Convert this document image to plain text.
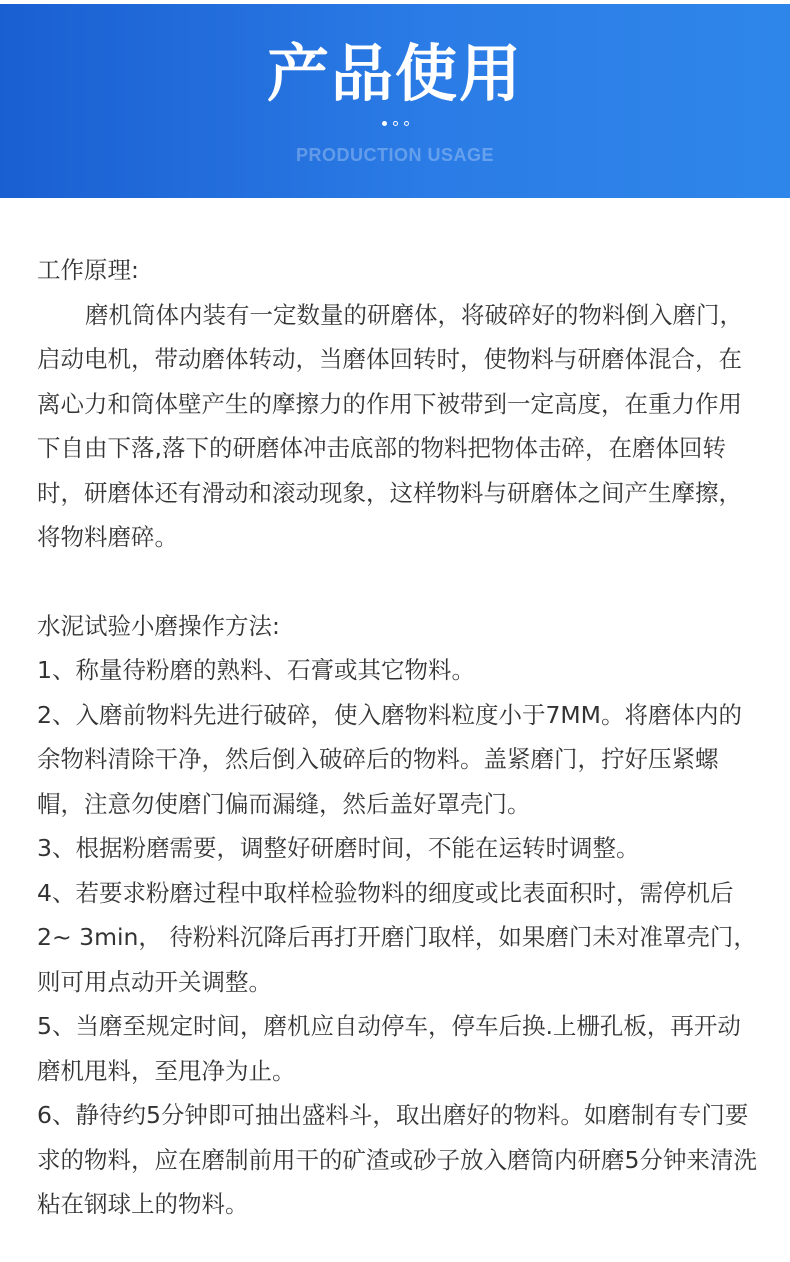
产品使用
PRODUCTION USAGE

工作原理:

磨机筒体内装有一定数量的研磨体，将破碎好的物料倒入磨门，启动电机，带动磨体转动，当磨体回转时，使物料与研磨体混合，在离心力和筒体壁产生的摩擦力的作用下被带到一定高度，在重力作用下自由下落,落下的研磨体冲击底部的物料把物体击碎，在磨体回转时，研磨体还有滑动和滚动现象，这样物料与研磨体之间产生摩擦，将物料磨碎。

水泥试验小磨操作方法:

1、称量待粉磨的熟料、石膏或其它物料。

2、入磨前物料先进行破碎，使入磨物料粒度小于7MM。将磨体内的余物料清除干净，然后倒入破碎后的物料。盖紧磨门，拧好压紧螺帽，注意勿使磨门偏而漏缝，然后盖好罩壳门。

3、根据粉磨需要，调整好研磨时间，不能在运转时调整。

4、若要求粉磨过程中取样检验物料的细度或比表面积时，需停机后2~ 3min， 待粉料沉降后再打开磨门取样，如果磨门未对准罩壳门，则可用点动开关调整。

5、当磨至规定时间，磨机应自动停车，停车后换.上栅孔板，再开动磨机甩料，至甩净为止。

6、静待约5分钟即可抽出盛料斗，取出磨好的物料。如磨制有专门要求的物料，应在磨制前用干的矿渣或砂子放入磨筒内研磨5分钟来清洗粘在钢球上的物料。
